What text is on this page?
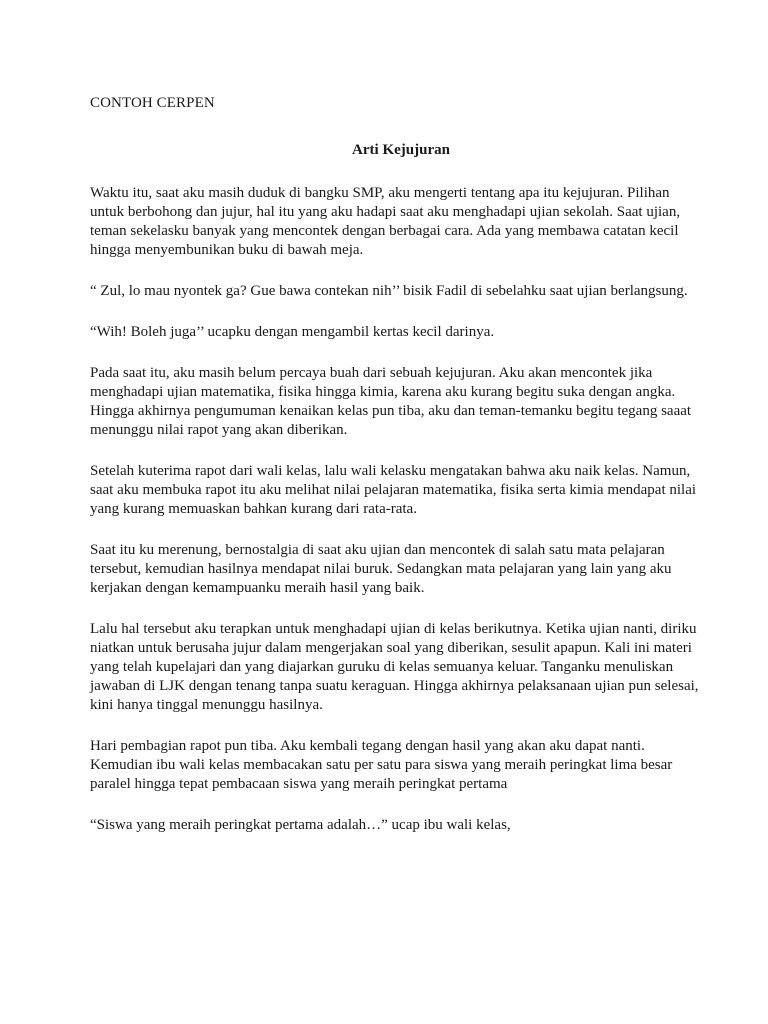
CONTOH CERPEN
Arti Kejujuran

Waktu itu, saat aku masih duduk di bangku SMP, aku mengerti tentang apa itu kejujuran. Pilihan untuk berbohong dan jujur, hal itu yang aku hadapi saat aku menghadapi ujian sekolah. Saat ujian, teman sekelasku banyak yang mencontek dengan berbagai cara. Ada yang membawa catatan kecil hingga menyembunikan buku di bawah meja.

“ Zul, lo mau nyontek ga? Gue bawa contekan nih’’ bisik Fadil di sebelahku saat ujian berlangsung.

“Wih! Boleh juga’’ ucapku dengan mengambil kertas kecil darinya.

Pada saat itu, aku masih belum percaya buah dari sebuah kejujuran. Aku akan mencontek jika menghadapi ujian matematika, fisika hingga kimia, karena aku kurang begitu suka dengan angka. Hingga akhirnya pengumuman kenaikan kelas pun tiba, aku dan teman-temanku begitu tegang saaat menunggu nilai rapot yang akan diberikan.

Setelah kuterima rapot dari wali kelas, lalu wali kelasku mengatakan bahwa aku naik kelas. Namun, saat aku membuka rapot itu aku melihat nilai pelajaran matematika, fisika serta kimia mendapat nilai yang kurang memuaskan bahkan kurang dari rata-rata.

Saat itu ku merenung, bernostalgia di saat aku ujian dan mencontek di salah satu mata pelajaran tersebut, kemudian hasilnya mendapat nilai buruk. Sedangkan mata pelajaran yang lain yang aku kerjakan dengan kemampuanku meraih hasil yang baik.

Lalu hal tersebut aku terapkan untuk menghadapi ujian di kelas berikutnya. Ketika ujian nanti, diriku niatkan untuk berusaha jujur dalam mengerjakan soal yang diberikan, sesulit apapun. Kali ini materi yang telah kupelajari dan yang diajarkan guruku di kelas semuanya keluar. Tanganku menuliskan jawaban di LJK dengan tenang tanpa suatu keraguan. Hingga akhirnya pelaksanaan ujian pun selesai, kini hanya tinggal menunggu hasilnya.

Hari pembagian rapot pun tiba. Aku kembali tegang dengan hasil yang akan aku dapat nanti. Kemudian ibu wali kelas membacakan satu per satu para siswa yang meraih peringkat lima besar paralel hingga tepat pembacaan siswa yang meraih peringkat pertama

“Siswa yang meraih peringkat pertama adalah…” ucap ibu wali kelas,
